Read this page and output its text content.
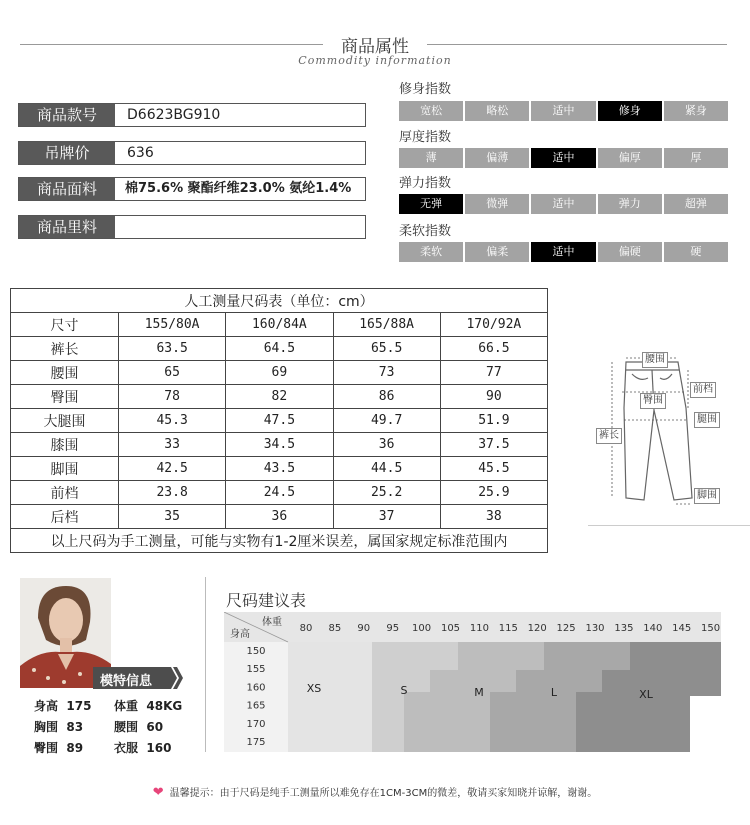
商品属性
Commodity information
商品款号	D6623BG910
吊牌价	636
商品面料	棉75.6% 聚酯纤维23.0% 氨纶1.4%
商品里料
修身指数
宽松	略松	适中	修身	紧身
厚度指数
薄	偏薄	适中	偏厚	厚
弹力指数
无弹	微弹	适中	弹力	超弹
柔软指数
柔软	偏柔	适中	偏硬	硬
人工测量尺码表（单位：cm）				
尺寸	155/80A	160/84A	165/88A	170/92A
裤长	63.5	64.5	65.5	66.5
腰围	65	69	73	77
臀围	78	82	86	90
大腿围	45.3	47.5	49.7	51.9
膝围	33	34.5	36	37.5
脚围	42.5	43.5	44.5	45.5
前档	23.8	24.5	25.2	25.9
后档	35	36	37	38
以上尺码为手工测量，可能与实物有1-2厘米误差，属国家规定标准范围内				
腰围
前档
臀围
腿围
裤长
脚围
模特信息
身高 175 体重 48KG
胸围 83	腰围 60
臀围 89	衣服 160
尺码建议表
体重
身高
80 85 90 95 100 105 110 115 120 125 130 135 140 145 150
150
155
160
165
170
175
XS	S	M	L	XL
❤ 温馨提示：由于尺码是纯手工测量所以难免存在1CM-3CM的微差，敬请买家知晓并谅解，谢谢。
